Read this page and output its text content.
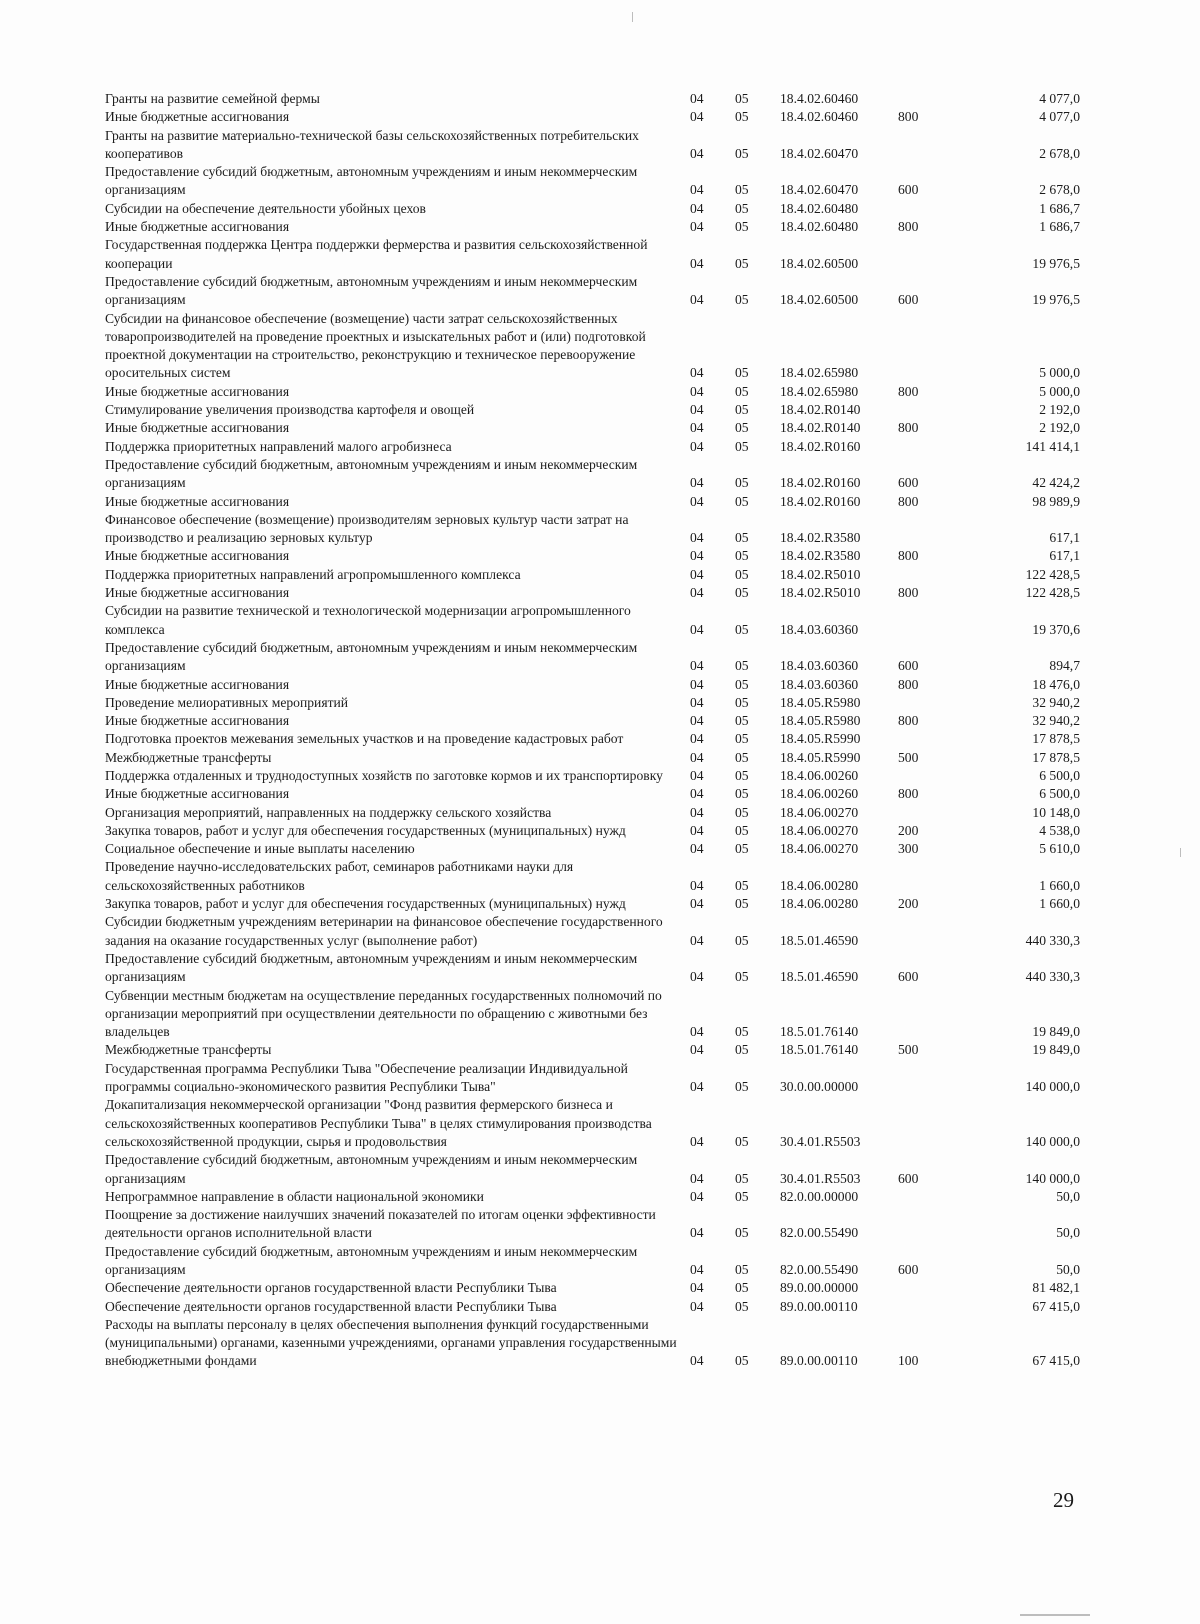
Гранты на развитие семейной фермы	04	05	18.4.02.60460		4 077,0
Иные бюджетные ассигнования	04	05	18.4.02.60460	800	4 077,0
Гранты на развитие материально-технической базы сельскохозяйственных потребительских кооперативов	04	05	18.4.02.60470		2 678,0
Предоставление субсидий бюджетным, автономным учреждениям и иным некоммерческим организациям	04	05	18.4.02.60470	600	2 678,0
Субсидии на обеспечение деятельности убойных цехов	04	05	18.4.02.60480		1 686,7
Иные бюджетные ассигнования	04	05	18.4.02.60480	800	1 686,7
Государственная поддержка Центра поддержки фермерства и развития сельскохозяйственной кооперации	04	05	18.4.02.60500		19 976,5
Предоставление субсидий бюджетным, автономным учреждениям и иным некоммерческим организациям	04	05	18.4.02.60500	600	19 976,5
Субсидии на финансовое обеспечение (возмещение) части затрат сельскохозяйственных товаропроизводителей на проведение проектных и изыскательных работ и (или) подготовкой проектной документации на строительство, реконструкцию и техническое перевооружение оросительных систем	04	05	18.4.02.65980		5 000,0
Иные бюджетные ассигнования	04	05	18.4.02.65980	800	5 000,0
Стимулирование увеличения производства картофеля и овощей	04	05	18.4.02.R0140		2 192,0
Иные бюджетные ассигнования	04	05	18.4.02.R0140	800	2 192,0
Поддержка приоритетных направлений малого агробизнеса	04	05	18.4.02.R0160		141 414,1
Предоставление субсидий бюджетным, автономным учреждениям и иным некоммерческим организациям	04	05	18.4.02.R0160	600	42 424,2
Иные бюджетные ассигнования	04	05	18.4.02.R0160	800	98 989,9
Финансовое обеспечение (возмещение) производителям зерновых культур части затрат на производство и реализацию зерновых культур	04	05	18.4.02.R3580		617,1
Иные бюджетные ассигнования	04	05	18.4.02.R3580	800	617,1
Поддержка приоритетных направлений агропромышленного комплекса	04	05	18.4.02.R5010		122 428,5
Иные бюджетные ассигнования	04	05	18.4.02.R5010	800	122 428,5
Субсидии на развитие технической и технологической модернизации агропромышленного комплекса	04	05	18.4.03.60360		19 370,6
Предоставление субсидий бюджетным, автономным учреждениям и иным некоммерческим организациям	04	05	18.4.03.60360	600	894,7
Иные бюджетные ассигнования	04	05	18.4.03.60360	800	18 476,0
Проведение мелиоративных мероприятий	04	05	18.4.05.R5980		32 940,2
Иные бюджетные ассигнования	04	05	18.4.05.R5980	800	32 940,2
Подготовка проектов межевания земельных участков и на проведение кадастровых работ	04	05	18.4.05.R5990		17 878,5
Межбюджетные трансферты	04	05	18.4.05.R5990	500	17 878,5
Поддержка отдаленных и труднодоступных хозяйств по заготовке кормов и их транспортировку	04	05	18.4.06.00260		6 500,0
Иные бюджетные ассигнования	04	05	18.4.06.00260	800	6 500,0
Организация мероприятий, направленных на поддержку сельского хозяйства	04	05	18.4.06.00270		10 148,0
Закупка товаров, работ и услуг для обеспечения государственных (муниципальных) нужд	04	05	18.4.06.00270	200	4 538,0
Социальное обеспечение и иные выплаты населению	04	05	18.4.06.00270	300	5 610,0
Проведение научно-исследовательских работ, семинаров работниками науки для сельскохозяйственных работников	04	05	18.4.06.00280		1 660,0
Закупка товаров, работ и услуг для обеспечения государственных (муниципальных) нужд	04	05	18.4.06.00280	200	1 660,0
Субсидии бюджетным учреждениям ветеринарии на финансовое обеспечение государственного задания на оказание государственных услуг (выполнение работ)	04	05	18.5.01.46590		440 330,3
Предоставление субсидий бюджетным, автономным учреждениям и иным некоммерческим организациям	04	05	18.5.01.46590	600	440 330,3
Субвенции местным бюджетам на осуществление переданных государственных полномочий по организации мероприятий при осуществлении деятельности по обращению с животными без владельцев	04	05	18.5.01.76140		19 849,0
Межбюджетные трансферты	04	05	18.5.01.76140	500	19 849,0
Государственная программа Республики Тыва "Обеспечение реализации Индивидуальной программы социально-экономического развития Республики Тыва"	04	05	30.0.00.00000		140 000,0
Докапитализация некоммерческой организации "Фонд развития фермерского бизнеса и сельскохозяйственных кооперативов Республики Тыва" в целях стимулирования производства сельскохозяйственной продукции, сырья и продовольствия	04	05	30.4.01.R5503		140 000,0
Предоставление субсидий бюджетным, автономным учреждениям и иным некоммерческим организациям	04	05	30.4.01.R5503	600	140 000,0
Непрограммное направление в области национальной экономики	04	05	82.0.00.00000		50,0
Поощрение за достижение наилучших значений показателей по итогам оценки эффективности деятельности органов исполнительной власти	04	05	82.0.00.55490		50,0
Предоставление субсидий бюджетным, автономным учреждениям и иным некоммерческим организациям	04	05	82.0.00.55490	600	50,0
Обеспечение деятельности органов государственной власти Республики Тыва	04	05	89.0.00.00000		81 482,1
Обеспечение деятельности органов государственной власти Республики Тыва	04	05	89.0.00.00110		67 415,0
Расходы на выплаты персоналу в целях обеспечения выполнения функций государственными (муниципальными) органами, казенными учреждениями, органами управления государственными внебюджетными фондами	04	05	89.0.00.00110	100	67 415,0
29
